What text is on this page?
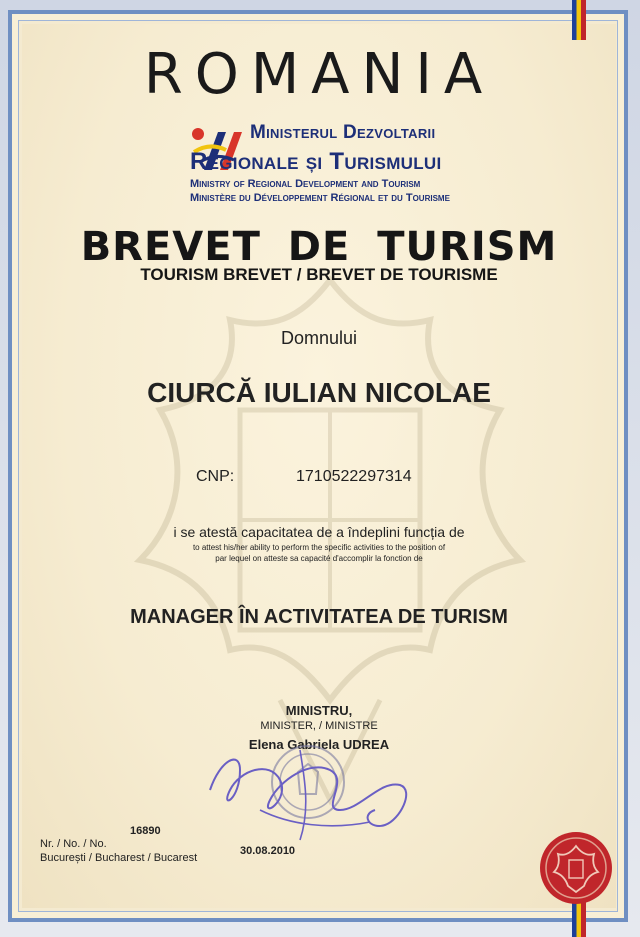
ROMANIA
Ministerul Dezvoltarii
Regionale și Turismului
Ministry of Regional Development and Tourism
Ministère du Développement Régional et du Tourisme
BREVET DE TURISM
TOURISM BREVET / BREVET DE TOURISME
Domnului
CIURCĂ IULIAN NICOLAE
CNP:	1710522297314
i se atestă capacitatea de a îndeplini funcția de
to attest his/her ability to perform the specific activities to the position of
par lequel on atteste sa capacité d'accomplir la fonction de
MANAGER ÎN ACTIVITATEA DE TURISM
MINISTRU,
MINISTER, / MINISTRE
Elena Gabriela UDREA
16890
Nr. / No. / No.
București / Bucharest / Bucarest
30.08.2010
